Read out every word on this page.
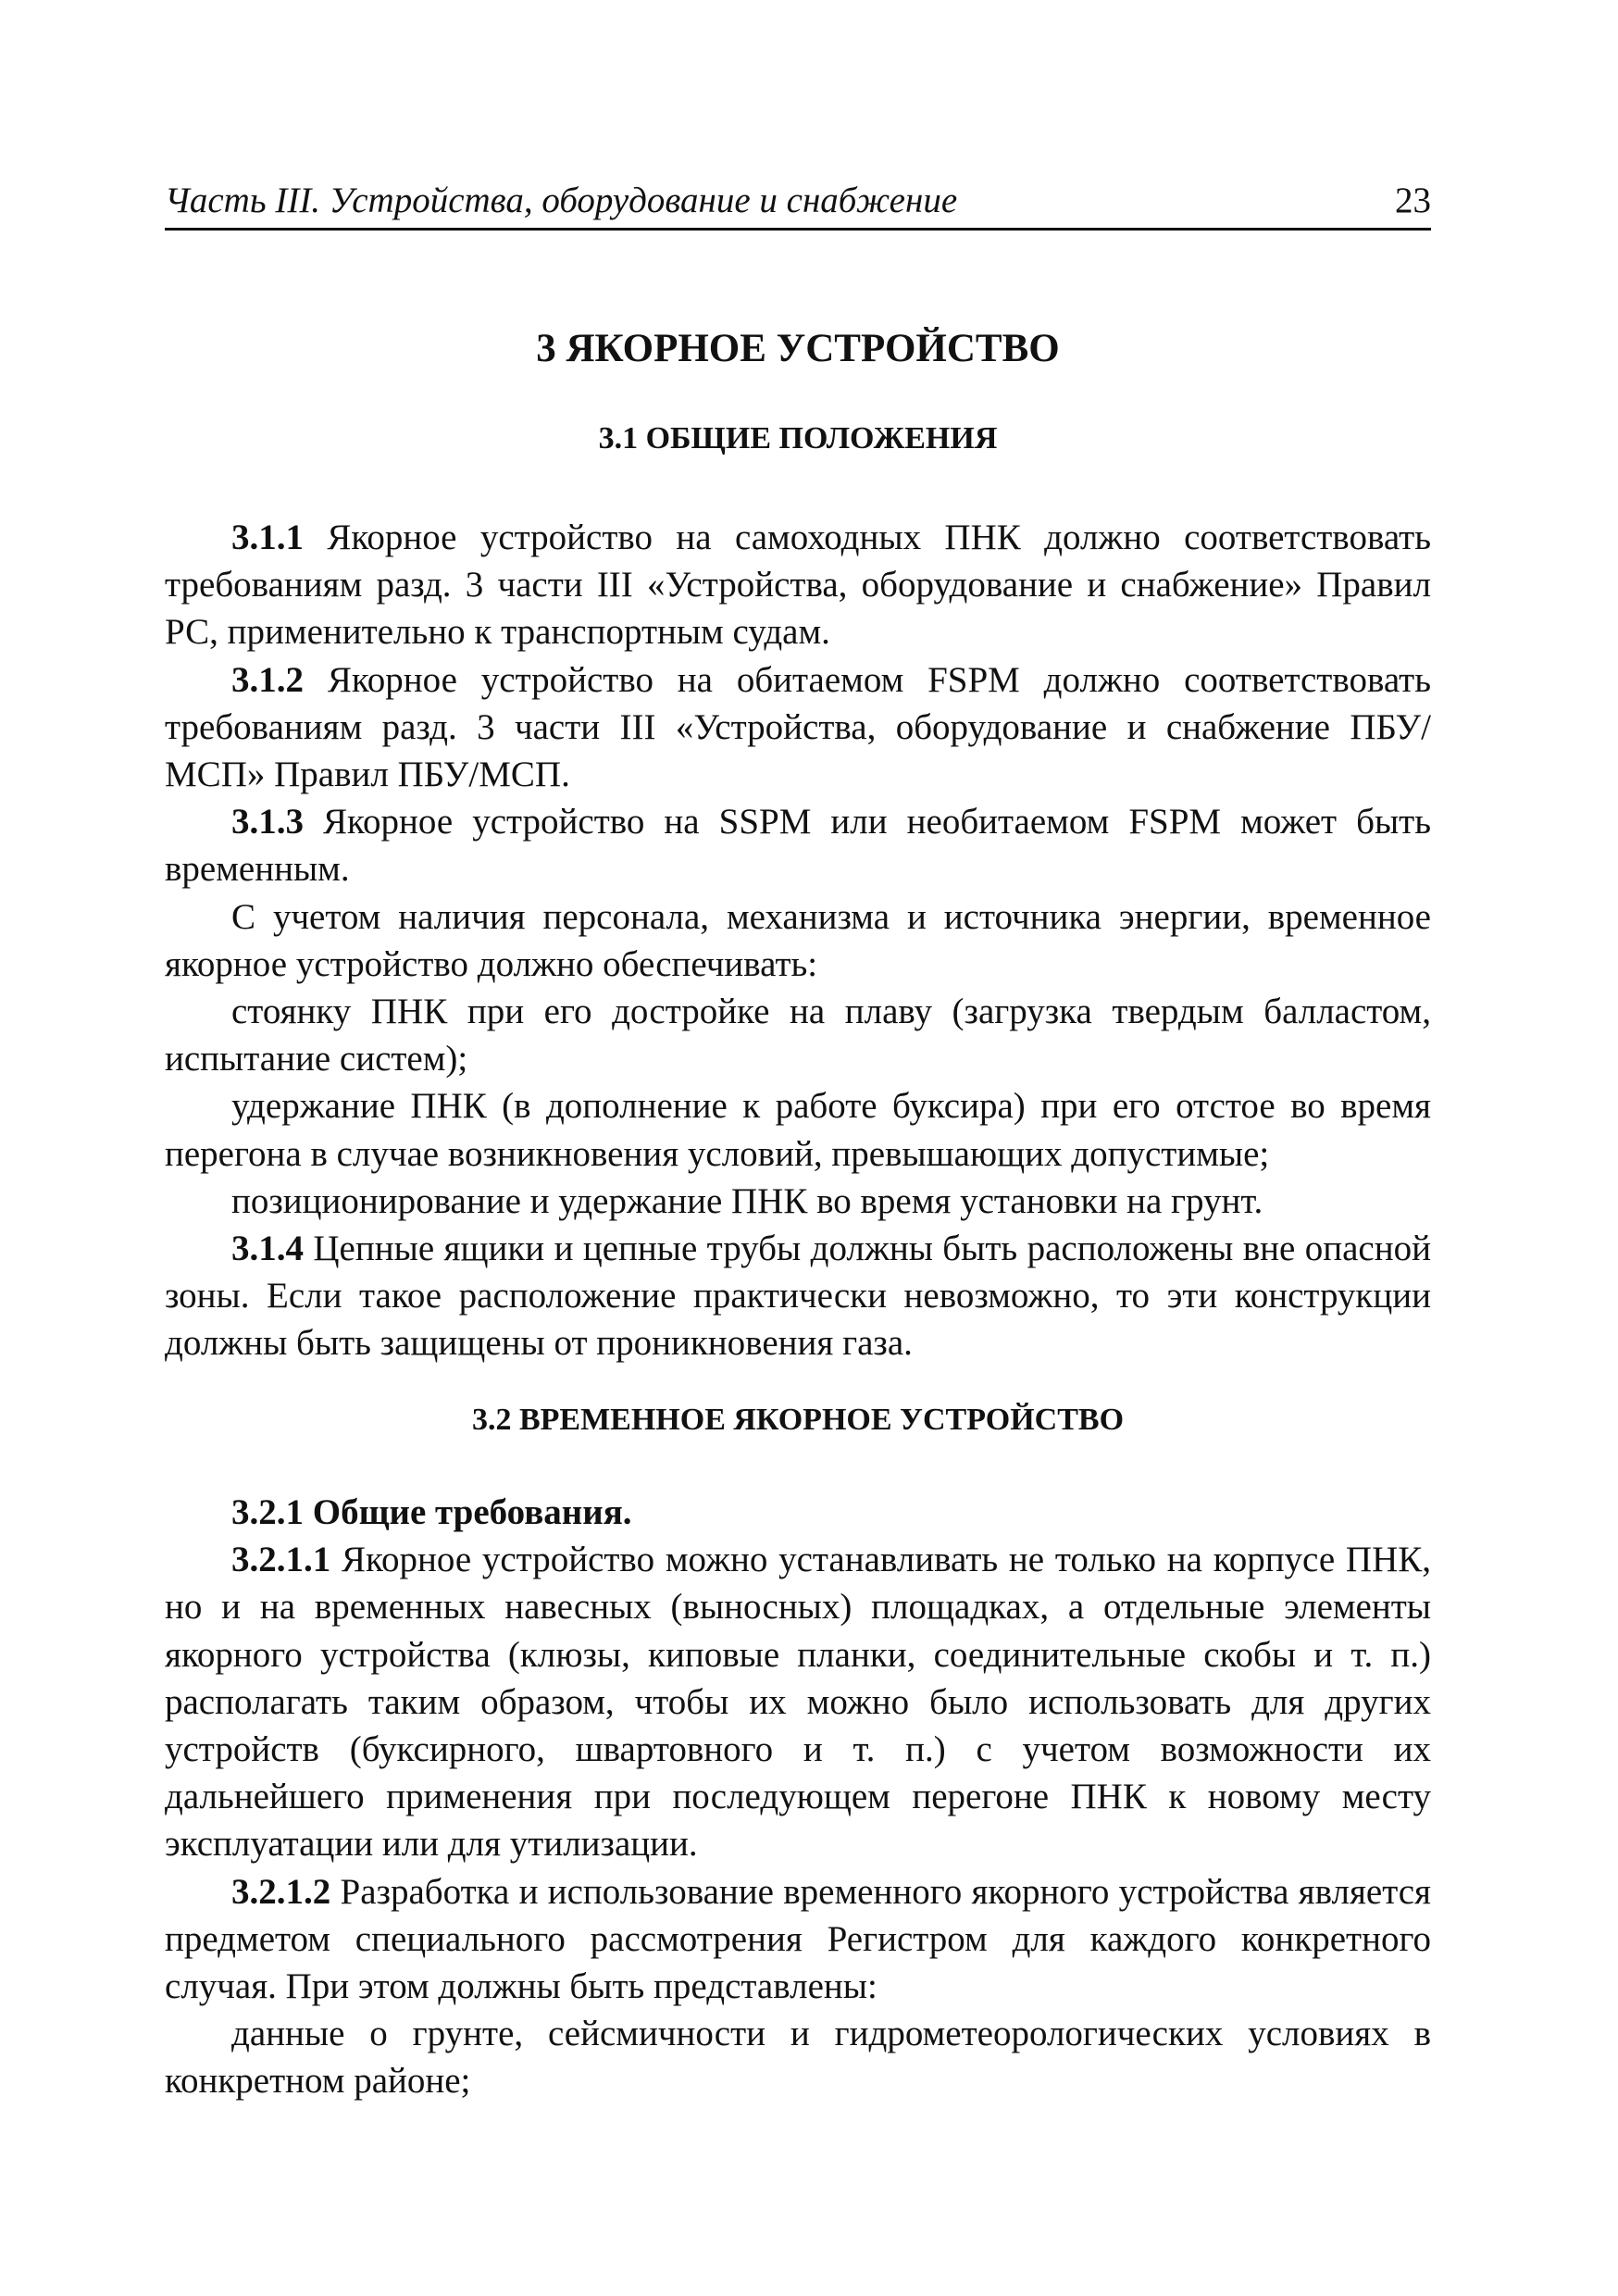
Часть III. Устройства, оборудование и снабжение	23
3 ЯКОРНОЕ УСТРОЙСТВО
3.1 ОБЩИЕ ПОЛОЖЕНИЯ

3.1.1 Якорное устройство на самоходных ПНК должно соответствовать требованиям разд. 3 части III «Устройства, оборудование и снабжение» Правил РС, применительно к транспортным судам.

3.1.2 Якорное устройство на обитаемом FSPM должно соответствовать требованиям разд. 3 части III «Устройства, оборудование и снабжение ПБУ/МСП» Правил ПБУ/МСП.

3.1.3 Якорное устройство на SSPM или необитаемом FSPM может быть временным.

С учетом наличия персонала, механизма и источника энергии, временное якорное устройство должно обеспечивать:

стоянку ПНК при его достройке на плаву (загрузка твердым балластом, испытание систем);

удержание ПНК (в дополнение к работе буксира) при его отстое во время перегона в случае возникновения условий, превышающих допустимые;

позиционирование и удержание ПНК во время установки на грунт.

3.1.4 Цепные ящики и цепные трубы должны быть расположены вне опасной зоны. Если такое расположение практически невозможно, то эти конструкции должны быть защищены от проникновения газа.

3.2 ВРЕМЕННОЕ ЯКОРНОЕ УСТРОЙСТВО

3.2.1 Общие требования.

3.2.1.1 Якорное устройство можно устанавливать не только на корпусе ПНК, но и на временных навесных (выносных) площадках, а отдельные элементы якорного устройства (клюзы, киповые планки, соединительные скобы и т. п.) располагать таким образом, чтобы их можно было использовать для других устройств (буксирного, швартовного и т. п.) с учетом возможности их дальнейшего применения при последующем перегоне ПНК к новому месту эксплуатации или для утилизации.

3.2.1.2 Разработка и использование временного якорного устройства является предметом специального рассмотрения Регистром для каждого конкретного случая. При этом должны быть представлены:

данные о грунте, сейсмичности и гидрометеорологических условиях в конкретном районе;
